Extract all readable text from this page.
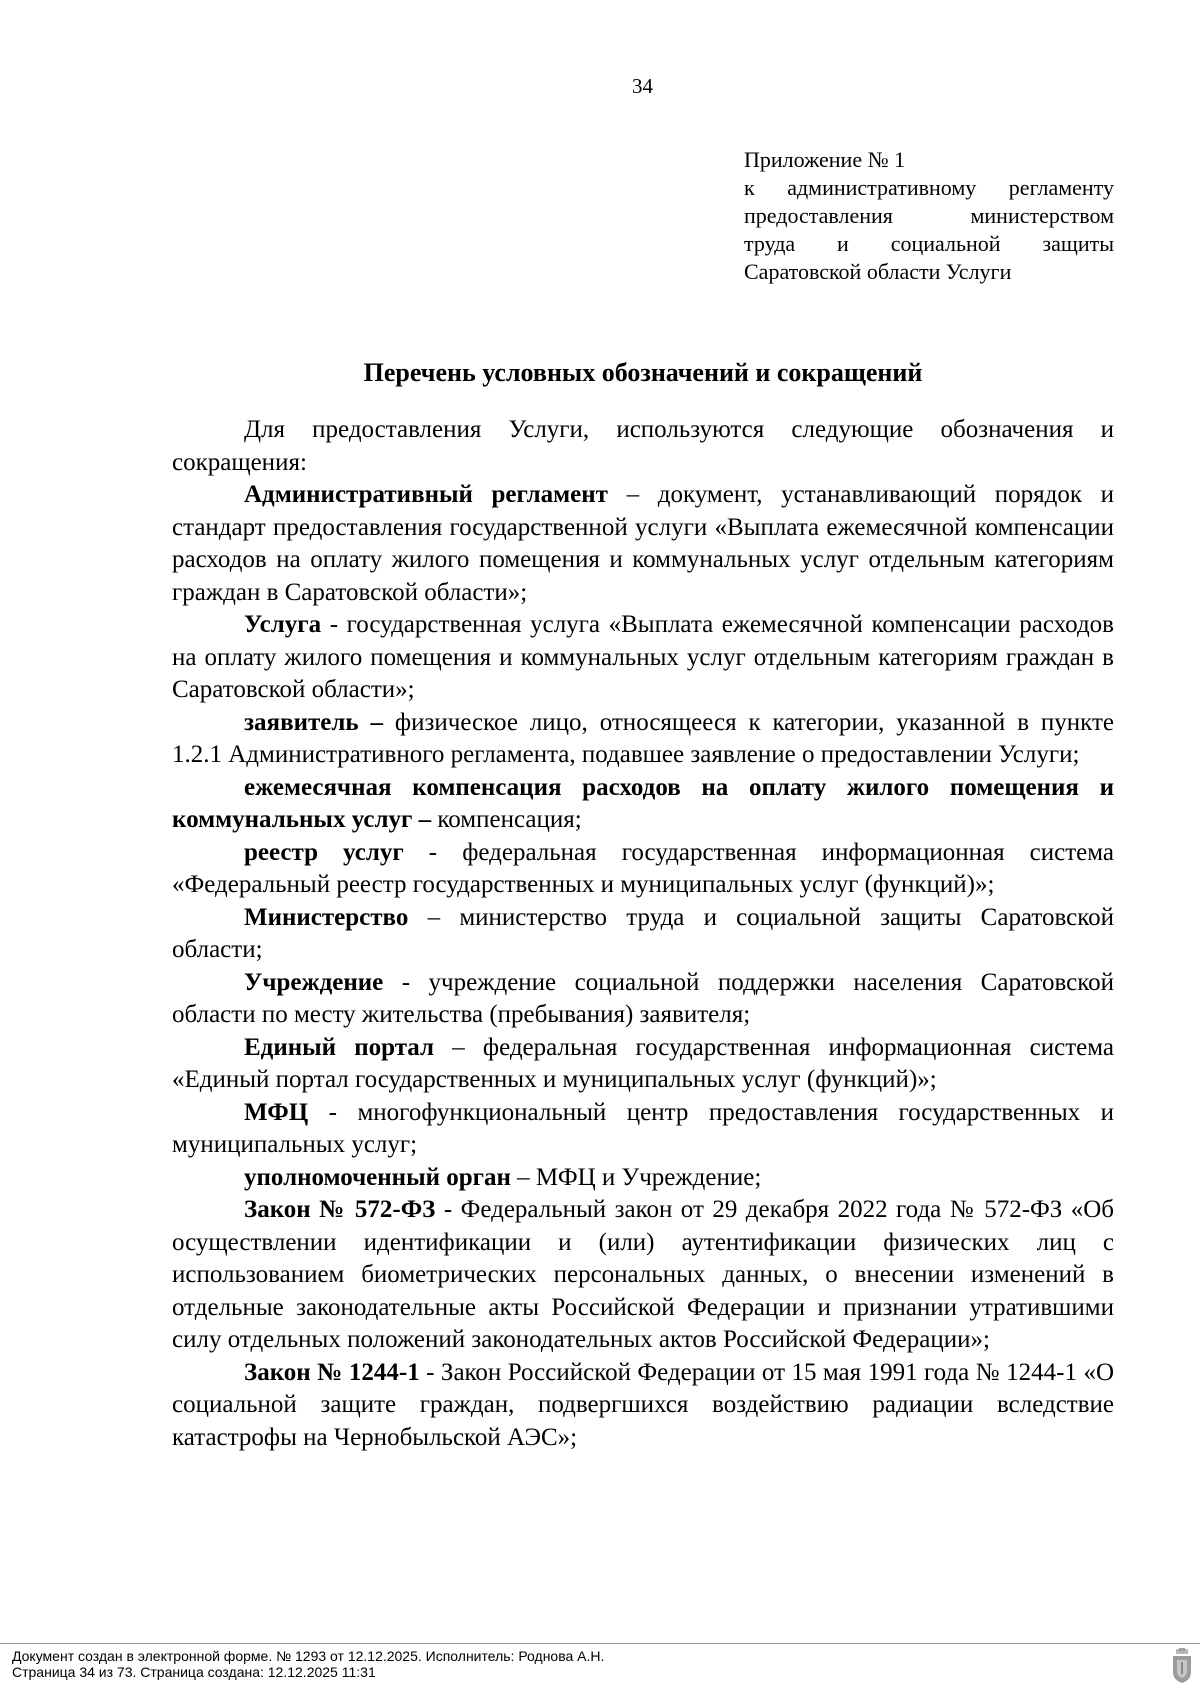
34
Приложение № 1
к административному регламенту
предоставления министерством
труда и социальной защиты
Саратовской области Услуги
Перечень условных обозначений и сокращений

Для предоставления Услуги, используются следующие обозначения и сокращения:

Административный регламент – документ, устанавливающий порядок и стандарт предоставления государственной услуги «Выплата ежемесячной компенсации расходов на оплату жилого помещения и коммунальных услуг отдельным категориям граждан в Саратовской области»;

Услуга - государственная услуга «Выплата ежемесячной компенсации расходов на оплату жилого помещения и коммунальных услуг отдельным категориям граждан в Саратовской области»;

заявитель – физическое лицо, относящееся к категории, указанной в пункте 1.2.1 Административного регламента, подавшее заявление о предоставлении Услуги;

ежемесячная компенсация расходов на оплату жилого помещения и коммунальных услуг – компенсация;

реестр услуг - федеральная государственная информационная система «Федеральный реестр государственных и муниципальных услуг (функций)»;

Министерство – министерство труда и социальной защиты Саратовской области;

Учреждение - учреждение социальной поддержки населения Саратовской области по месту жительства (пребывания) заявителя;

Единый портал – федеральная государственная информационная система «Единый портал государственных и муниципальных услуг (функций)»;

МФЦ - многофункциональный центр предоставления государственных и муниципальных услуг;

уполномоченный орган – МФЦ и Учреждение;

Закон № 572-ФЗ - Федеральный закон от 29 декабря 2022 года № 572-ФЗ «Об осуществлении идентификации и (или) аутентификации физических лиц с использованием биометрических персональных данных, о внесении изменений в отдельные законодательные акты Российской Федерации и признании утратившими силу отдельных положений законодательных актов Российской Федерации»;

Закон № 1244-1 - Закон Российской Федерации от 15 мая 1991 года № 1244-1 «О социальной защите граждан, подвергшихся воздействию радиации вследствие катастрофы на Чернобыльской АЭС»;

Документ создан в электронной форме. № 1293 от 12.12.2025. Исполнитель: Роднова А.Н.
Страница 34 из 73. Страница создана: 12.12.2025 11:31
